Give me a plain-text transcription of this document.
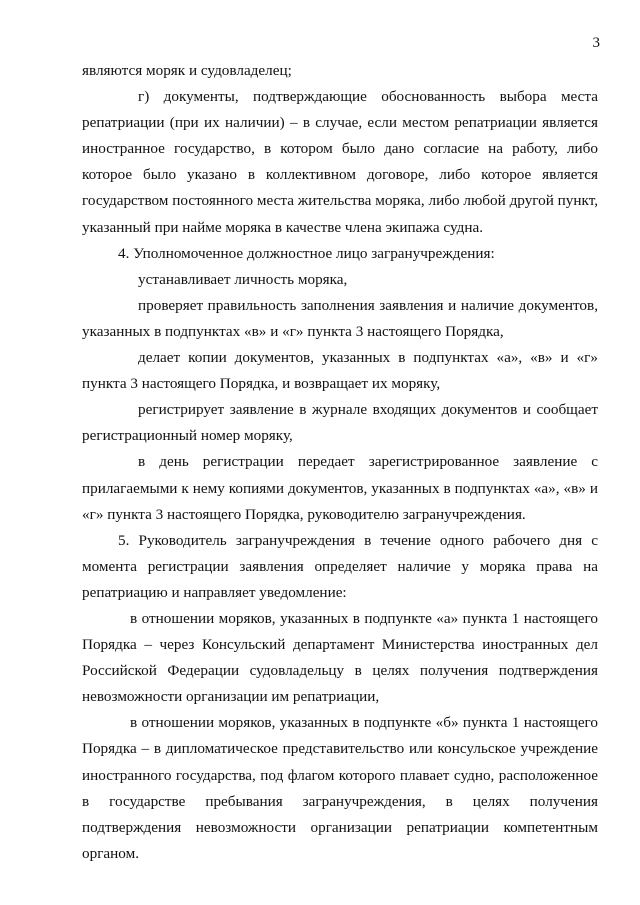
3

являются моряк и судовладелец;

г) документы, подтверждающие обоснованность выбора места репатриации (при их наличии) – в случае, если местом репатриации является иностранное государство, в котором было дано согласие на работу, либо которое было указано в коллективном договоре, либо которое является государством постоянного места жительства моряка, либо любой другой пункт, указанный при найме моряка в качестве члена экипажа судна.

4. Уполномоченное должностное лицо загранучреждения:

устанавливает личность моряка,

проверяет правильность заполнения заявления и наличие документов, указанных в подпунктах «в» и «г» пункта 3 настоящего Порядка,

делает копии документов, указанных в подпунктах «а», «в» и «г» пункта 3 настоящего Порядка, и возвращает их моряку,

регистрирует заявление в журнале входящих документов и сообщает регистрационный номер моряку,

в день регистрации передает зарегистрированное заявление с прилагаемыми к нему копиями документов, указанных в подпунктах «а», «в» и «г» пункта 3 настоящего Порядка, руководителю загранучреждения.

5. Руководитель загранучреждения в течение одного рабочего дня с момента регистрации заявления определяет наличие у моряка права на репатриацию и направляет уведомление:

в отношении моряков, указанных в подпункте «а» пункта 1 настоящего Порядка – через Консульский департамент Министерства иностранных дел Российской Федерации судовладельцу в целях получения подтверждения невозможности организации им репатриации,

в отношении моряков, указанных в подпункте «б» пункта 1 настоящего Порядка – в дипломатическое представительство или консульское учреждение иностранного государства, под флагом которого плавает судно, расположенное в государстве пребывания загранучреждения, в целях получения подтверждения невозможности организации репатриации компетентным органом.
